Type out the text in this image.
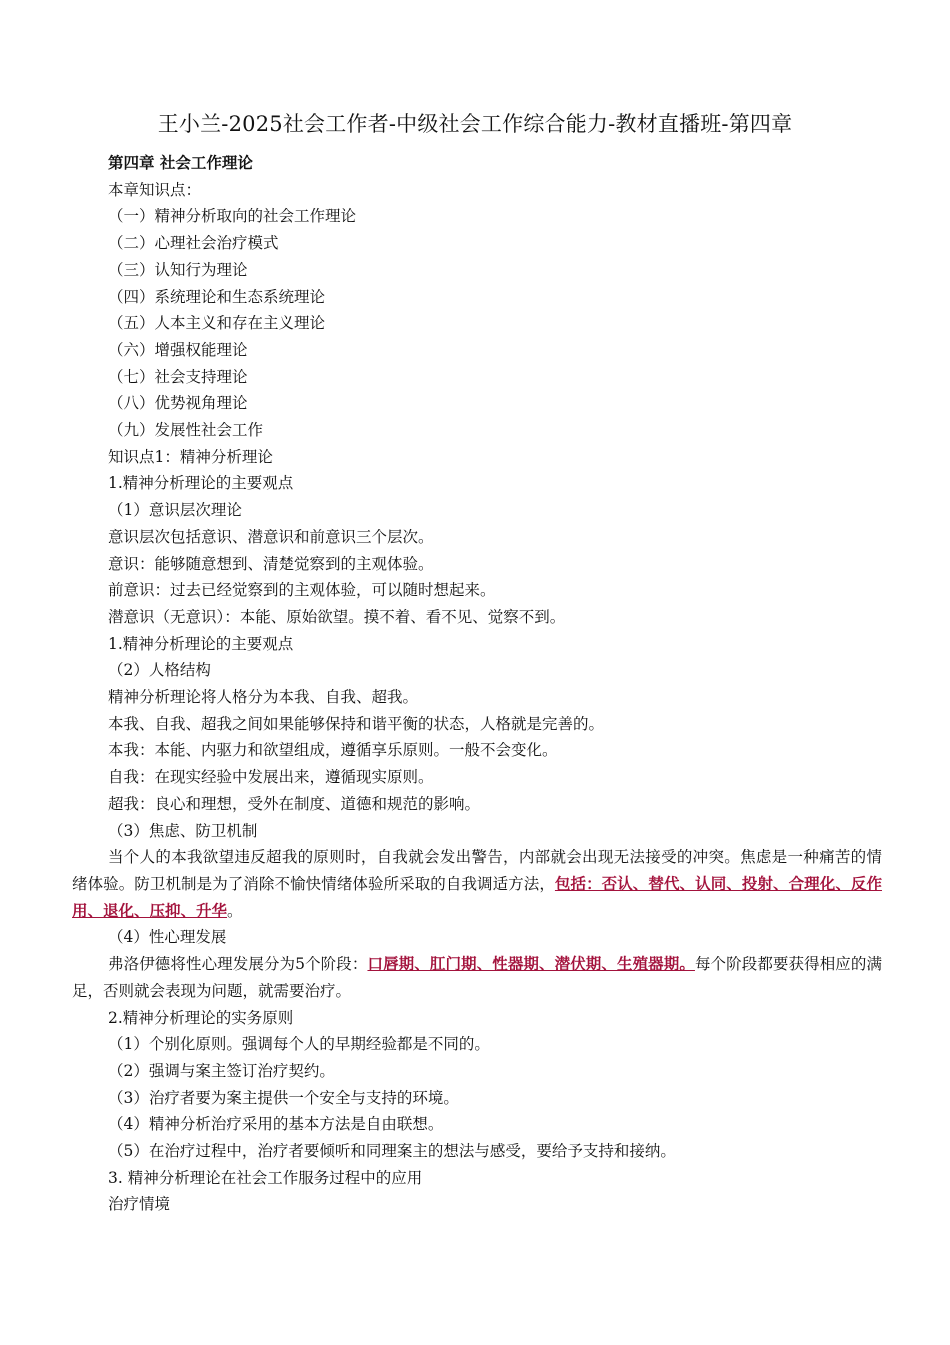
王小兰-2025社会工作者-中级社会工作综合能力-教材直播班-第四章

第四章 社会工作理论

本章知识点：

（一）精神分析取向的社会工作理论

（二）心理社会治疗模式

（三）认知行为理论

（四）系统理论和生态系统理论

（五）人本主义和存在主义理论

（六）增强权能理论

（七）社会支持理论

（八）优势视角理论

（九）发展性社会工作

知识点1：精神分析理论

1.精神分析理论的主要观点

（1）意识层次理论

意识层次包括意识、潜意识和前意识三个层次。

意识：能够随意想到、清楚觉察到的主观体验。

前意识：过去已经觉察到的主观体验，可以随时想起来。

潜意识（无意识）：本能、原始欲望。摸不着、看不见、觉察不到。

1.精神分析理论的主要观点

（2）人格结构

精神分析理论将人格分为本我、自我、超我。

本我、自我、超我之间如果能够保持和谐平衡的状态，人格就是完善的。

本我：本能、内驱力和欲望组成，遵循享乐原则。一般不会变化。

自我：在现实经验中发展出来，遵循现实原则。

超我：良心和理想，受外在制度、道德和规范的影响。

（3）焦虑、防卫机制

当个人的本我欲望违反超我的原则时，自我就会发出警告，内部就会出现无法接受的冲突。焦虑是一种痛苦的情绪体验。防卫机制是为了消除不愉快情绪体验所采取的自我调适方法，包括：否认、替代、认同、投射、合理化、反作用、退化、压抑、升华。

（4）性心理发展

弗洛伊德将性心理发展分为5个阶段：口唇期、肛门期、性器期、潜伏期、生殖器期。每个阶段都要获得相应的满足，否则就会表现为问题，就需要治疗。

2.精神分析理论的实务原则

（1）个别化原则。强调每个人的早期经验都是不同的。

（2）强调与案主签订治疗契约。

（3）治疗者要为案主提供一个安全与支持的环境。

（4）精神分析治疗采用的基本方法是自由联想。

（5）在治疗过程中，治疗者要倾听和同理案主的想法与感受，要给予支持和接纳。

3. 精神分析理论在社会工作服务过程中的应用

治疗情境
